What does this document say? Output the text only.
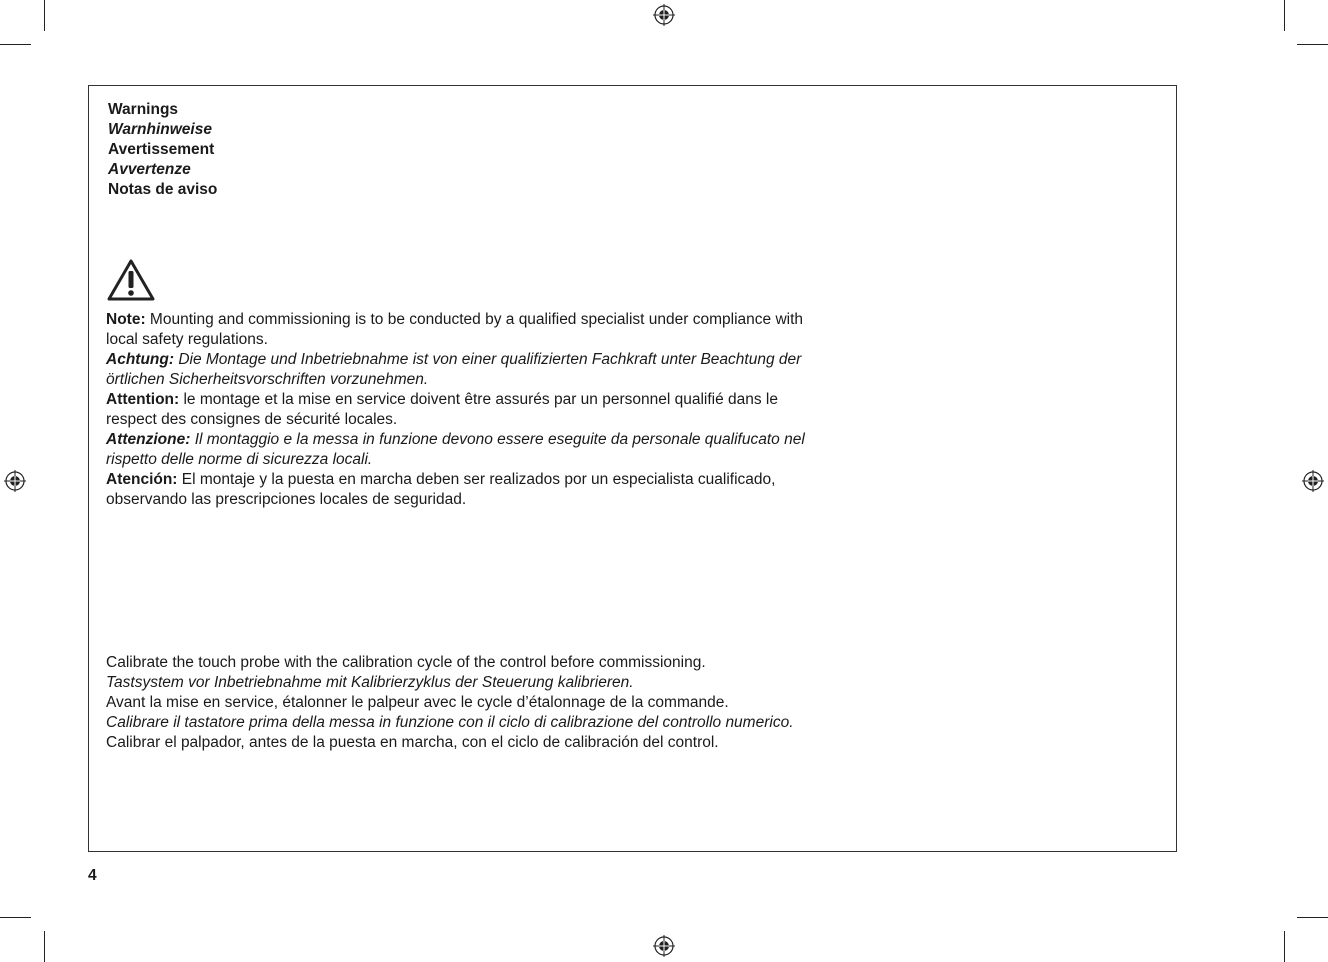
Warnings
Warnhinweise
Avertissement
Avvertenze
Notas de aviso

Note: Mounting and commissioning is to be conducted by a qualified specialist under compliance with local safety regulations.

Achtung: Die Montage und Inbetriebnahme ist von einer qualifizierten Fachkraft unter Beachtung der örtlichen Sicherheitsvorschriften vorzunehmen.

Attention: le montage et la mise en service doivent être assurés par un personnel qualifié dans le respect des consignes de sécurité locales.

Attenzione: Il montaggio e la messa in funzione devono essere eseguite da personale qualifucato nel rispetto delle norme di sicurezza locali.

Atención: El montaje y la puesta en marcha deben ser realizados por un especialista cualificado, observando las prescripciones locales de seguridad.

Calibrate the touch probe with the calibration cycle of the control before commissioning.
Tastsystem vor Inbetriebnahme mit Kalibrierzyklus der Steuerung kalibrieren.
Avant la mise en service, étalonner le palpeur avec le cycle d’étalonnage de la commande.
Calibrare il tastatore prima della messa in funzione con il ciclo di calibrazione del controllo numerico.
Calibrar el palpador, antes de la puesta en marcha, con el ciclo de calibración del control.
4
